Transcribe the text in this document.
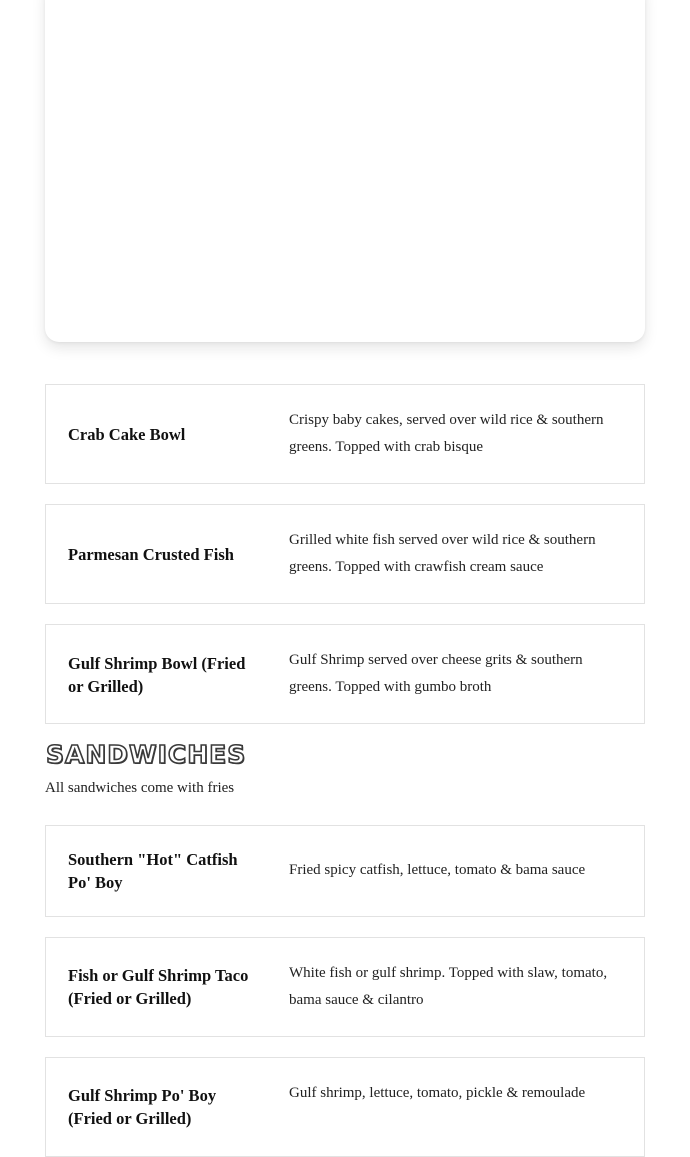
Crab Cake Bowl
Crispy baby cakes, served over wild rice & southern greens. Topped with crab bisque
Parmesan Crusted Fish
Grilled white fish served over wild rice & southern greens. Topped with crawfish cream sauce
Gulf Shrimp Bowl (Fried or Grilled)
Gulf Shrimp served over cheese grits & southern greens. Topped with gumbo broth
SANDWICHES
All sandwiches come with fries
Southern "Hot" Catfish Po' Boy
Fried spicy catfish, lettuce, tomato & bama sauce
Fish or Gulf Shrimp Taco (Fried or Grilled)
White fish or gulf shrimp. Topped with slaw, tomato, bama sauce & cilantro
Gulf Shrimp Po' Boy (Fried or Grilled)
Gulf shrimp, lettuce, tomato, pickle & remoulade
